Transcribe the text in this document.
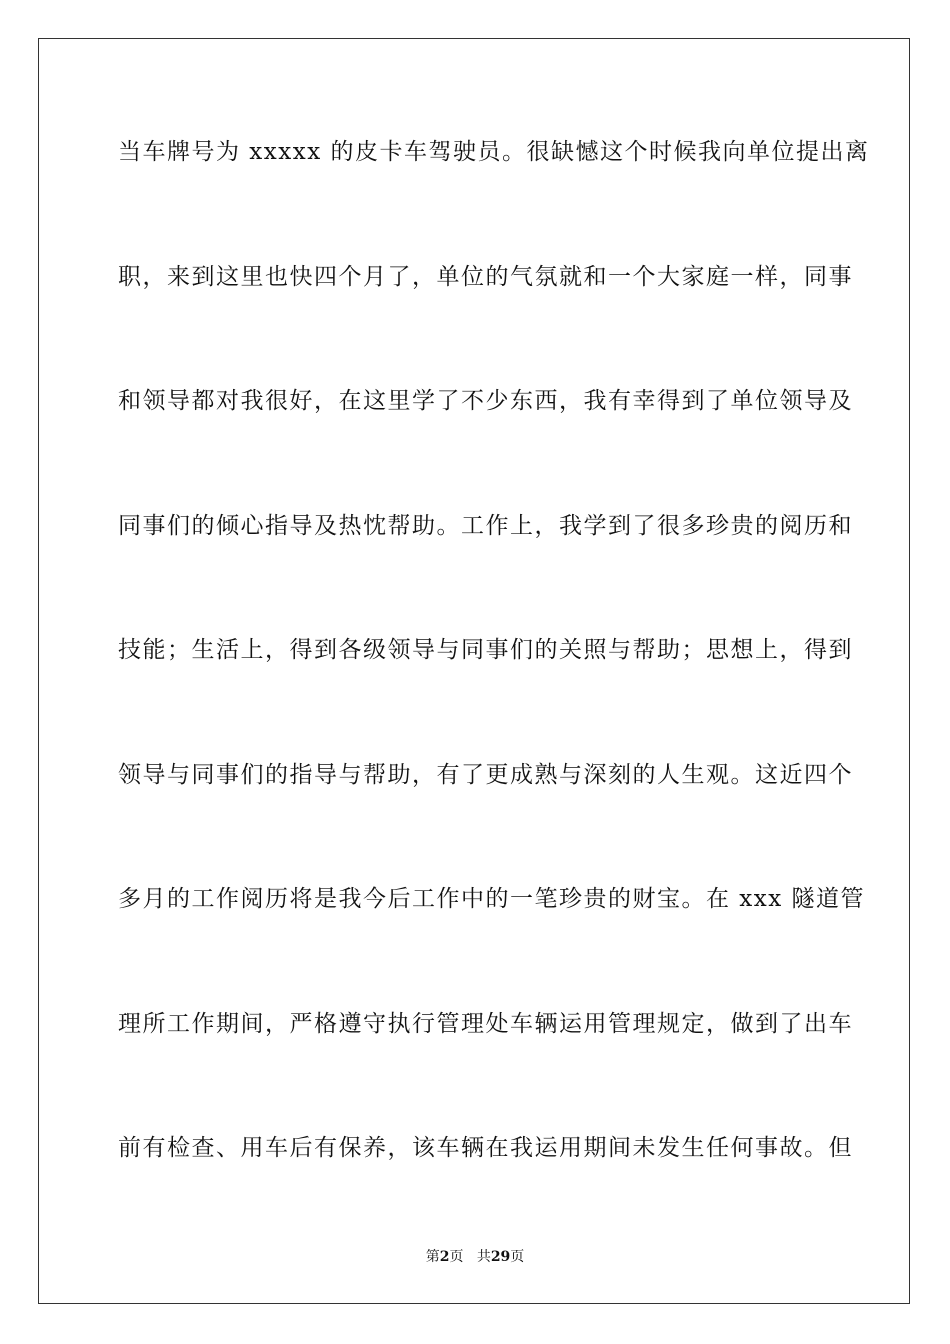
当车牌号为 xxxxx 的皮卡车驾驶员。很缺憾这个时候我向单位提出离
职，来到这里也快四个月了，单位的气氛就和一个大家庭一样，同事
和领导都对我很好，在这里学了不少东西，我有幸得到了单位领导及
同事们的倾心指导及热忱帮助。工作上，我学到了很多珍贵的阅历和
技能；生活上，得到各级领导与同事们的关照与帮助；思想上，得到
领导与同事们的指导与帮助，有了更成熟与深刻的人生观。这近四个
多月的工作阅历将是我今后工作中的一笔珍贵的财宝。在 xxx 隧道管
理所工作期间，严格遵守执行管理处车辆运用管理规定，做到了出车
前有检查、用车后有保养，该车辆在我运用期间未发生任何事故。但
第2页 共29页
